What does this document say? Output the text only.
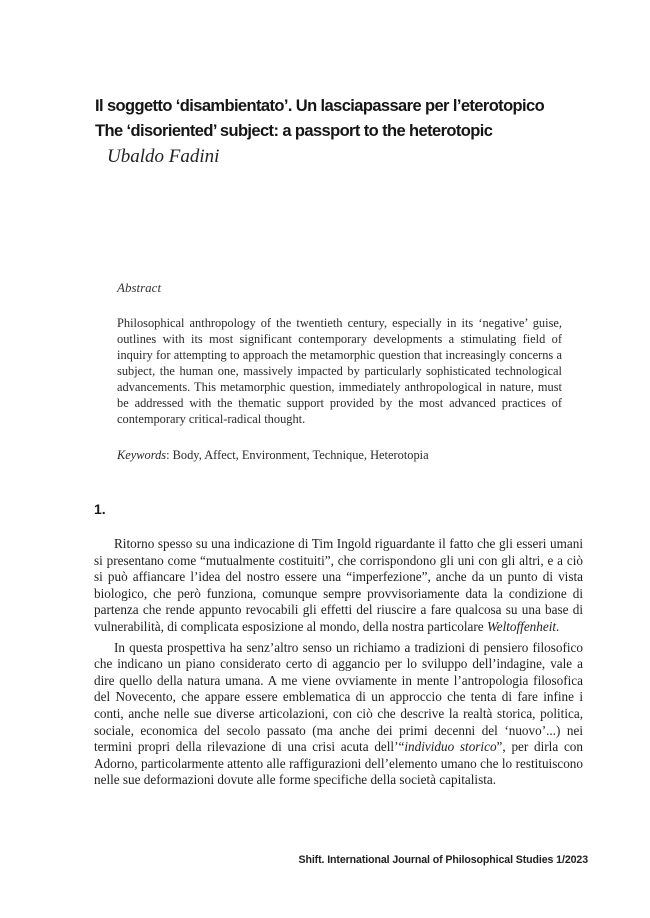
Il soggetto ‘disambientato’. Un lasciapassare per l’eterotopico
The ‘disoriented’ subject: a passport to the heterotopic
Ubaldo Fadini
Abstract

Philosophical anthropology of the twentieth century, especially in its ‘negative’ guise, outlines with its most significant contemporary developments a stimulating field of inquiry for attempting to approach the metamorphic question that increasingly concerns a subject, the human one, massively impacted by particularly sophisticated technological advancements. This metamorphic question, immediately anthropological in nature, must be addressed with the thematic support provided by the most advanced practices of contemporary critical-radical thought.

Keywords: Body, Affect, Environment, Technique, Heterotopia
1.

Ritorno spesso su una indicazione di Tim Ingold riguardante il fatto che gli esseri umani si presentano come “mutualmente costituiti”, che corrispondono gli uni con gli altri, e a ciò si può affiancare l’idea del nostro essere una “imperfezione”, anche da un punto di vista biologico, che però funziona, comunque sempre provvisoriamente data la condizione di partenza che rende appunto revocabili gli effetti del riuscire a fare qualcosa su una base di vulnerabilità, di complicata esposizione al mondo, della nostra particolare Weltoffenheit.

In questa prospettiva ha senz’altro senso un richiamo a tradizioni di pensiero filosofico che indicano un piano considerato certo di aggancio per lo sviluppo dell’indagine, vale a dire quello della natura umana. A me viene ovviamente in mente l’antropologia filosofica del Novecento, che appare essere emblematica di un approccio che tenta di fare infine i conti, anche nelle sue diverse articolazioni, con ciò che descrive la realtà storica, politica, sociale, economica del secolo passato (ma anche dei primi decenni del ‘nuovo’...) nei termini propri della rilevazione di una crisi acuta dell’“individuo storico”, per dirla con Adorno, particolarmente attento alle raffigurazioni dell’elemento umano che lo restituiscono nelle sue deformazioni dovute alle forme specifiche della società capitalista.

Shift. International Journal of Philosophical Studies 1/2023
